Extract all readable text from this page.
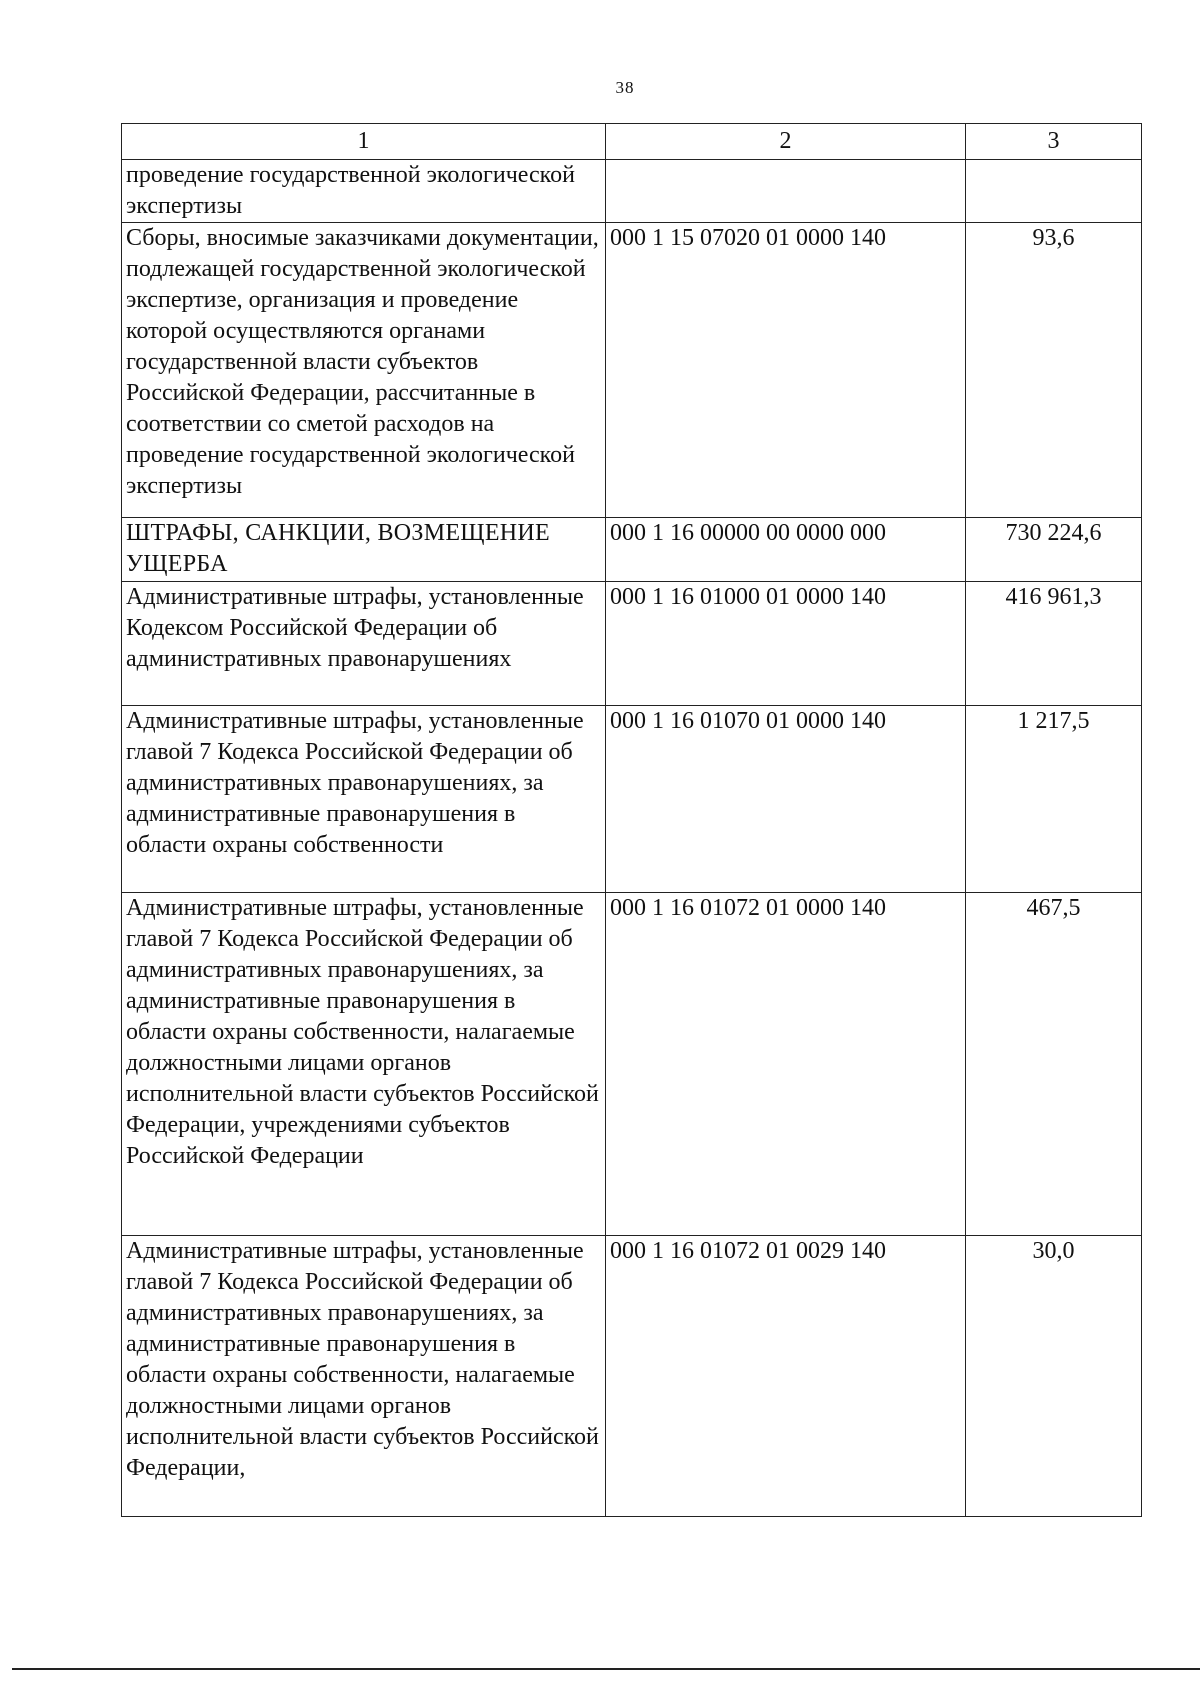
38
1	2	3
проведение государственной экологической экспертизы		
Сборы, вносимые заказчиками документации, подлежащей государственной экологической экспертизе, организация и проведение которой осуществляются органами государственной власти субъектов Российской Федерации, рассчитанные в соответствии со сметой расходов на проведение государственной экологической экспертизы	000 1 15 07020 01 0000 140	93,6
ШТРАФЫ, САНКЦИИ, ВОЗМЕЩЕНИЕ УЩЕРБА	000 1 16 00000 00 0000 000	730 224,6
Административные штрафы, установленные Кодексом Российской Федерации об административных правонарушениях	000 1 16 01000 01 0000 140	416 961,3
Административные штрафы, установленные главой 7 Кодекса Российской Федерации об административных правонарушениях, за административные правонарушения в области охраны собственности	000 1 16 01070 01 0000 140	1 217,5
Административные штрафы, установленные главой 7 Кодекса Российской Федерации об административных правонарушениях, за административные правонарушения в области охраны собственности, налагаемые должностными лицами органов исполнительной власти субъектов Российской Федерации, учреждениями субъектов Российской Федерации	000 1 16 01072 01 0000 140	467,5
Административные штрафы, установленные главой 7 Кодекса Российской Федерации об административных правонарушениях, за административные правонарушения в области охраны собственности, налагаемые должностными лицами органов исполнительной власти субъектов Российской Федерации,	000 1 16 01072 01 0029 140	30,0
